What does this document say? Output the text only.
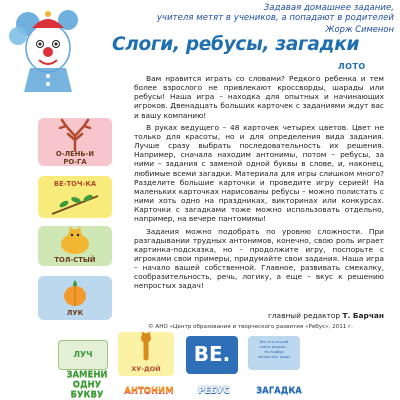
Задавая домашнее задание,
учителя метят в учеников, а попадают в родителей
Жорж Сименон
Слоги, ребусы, загадки
ЛОТО
О-ЛЕНЬ-И
РО-ГА
ВЕ-ТОЧ-КА
ТОЛ-СТЫЙ
ЛУК

Вам нравится играть со словами? Редкого ребенка и тем более взрослого не привлекают кроссворды, шарады или ребусы! Наша игра – находка для опытных и начинающих игроков. Двенадцать больших карточек с заданиями ждут вас и вашу компанию!

В руках ведущего – 48 карточек четырех цветов. Цвет не только для красоты, но и для определения вида задания. Лучше сразу выбрать последовательность их решения. Например, сначала находим антонимы, потом – ребусы, за ними – задания с заменой одной буквы в слове, и, наконец, любимые всеми загадки. Материала для игры слишком много? Разделите большие карточки и проведите игру серией! На маленьких карточках нарисованы ребусы – можно полистать с ними хоть одно на праздниках, викторинах или конкурсах. Карточки с загадками тоже можно использовать отдельно, например, на вечере пантомимы!

Задания можно подобрать по уровню сложности. При разгадывании трудных антонимов, конечно, свою роль играет картинка-подсказка, но – продолжите игру, поспорьте с игроками свои примеры, придумайте свои задания. Наша игра – начало вашей собственной. Главное, развивать смекалку, сообразительность, речь, логику, а еще – вкус к решению непростых задач!

главный редактор Т. Барчан
© АНО «Центр образования и творческого развития «Ребус», 2011 г.
ЛУЧ
ХУ-ДОЙ
ВЕ.	Все это случай
очень редкое –
на подбор
непростых задач
ЗАМЕНИ
ОДНУ
БУКВУ	АНТОНИМ	РЕБУС	ЗАГАДКА
